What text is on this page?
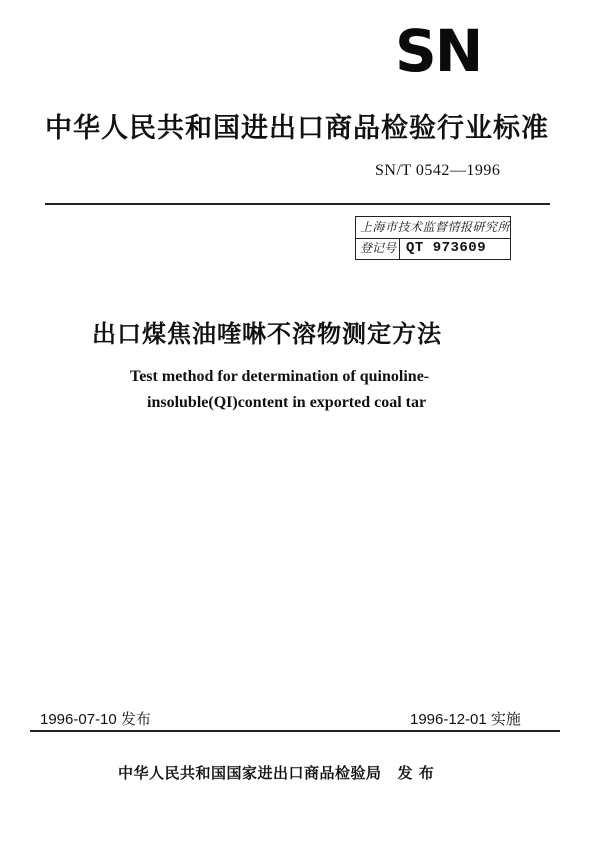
SN
中华人民共和国进出口商品检验行业标准
SN/T 0542—1996
上海市技术监督情报研究所
登记号 QT 973609
出口煤焦油喹啉不溶物测定方法
Test method for determination of quinoline-
insoluble(QI)content in exported coal tar
1996-07-10 发布	1996-12-01 实施
中华人民共和国国家进出口商品检验局 发 布
